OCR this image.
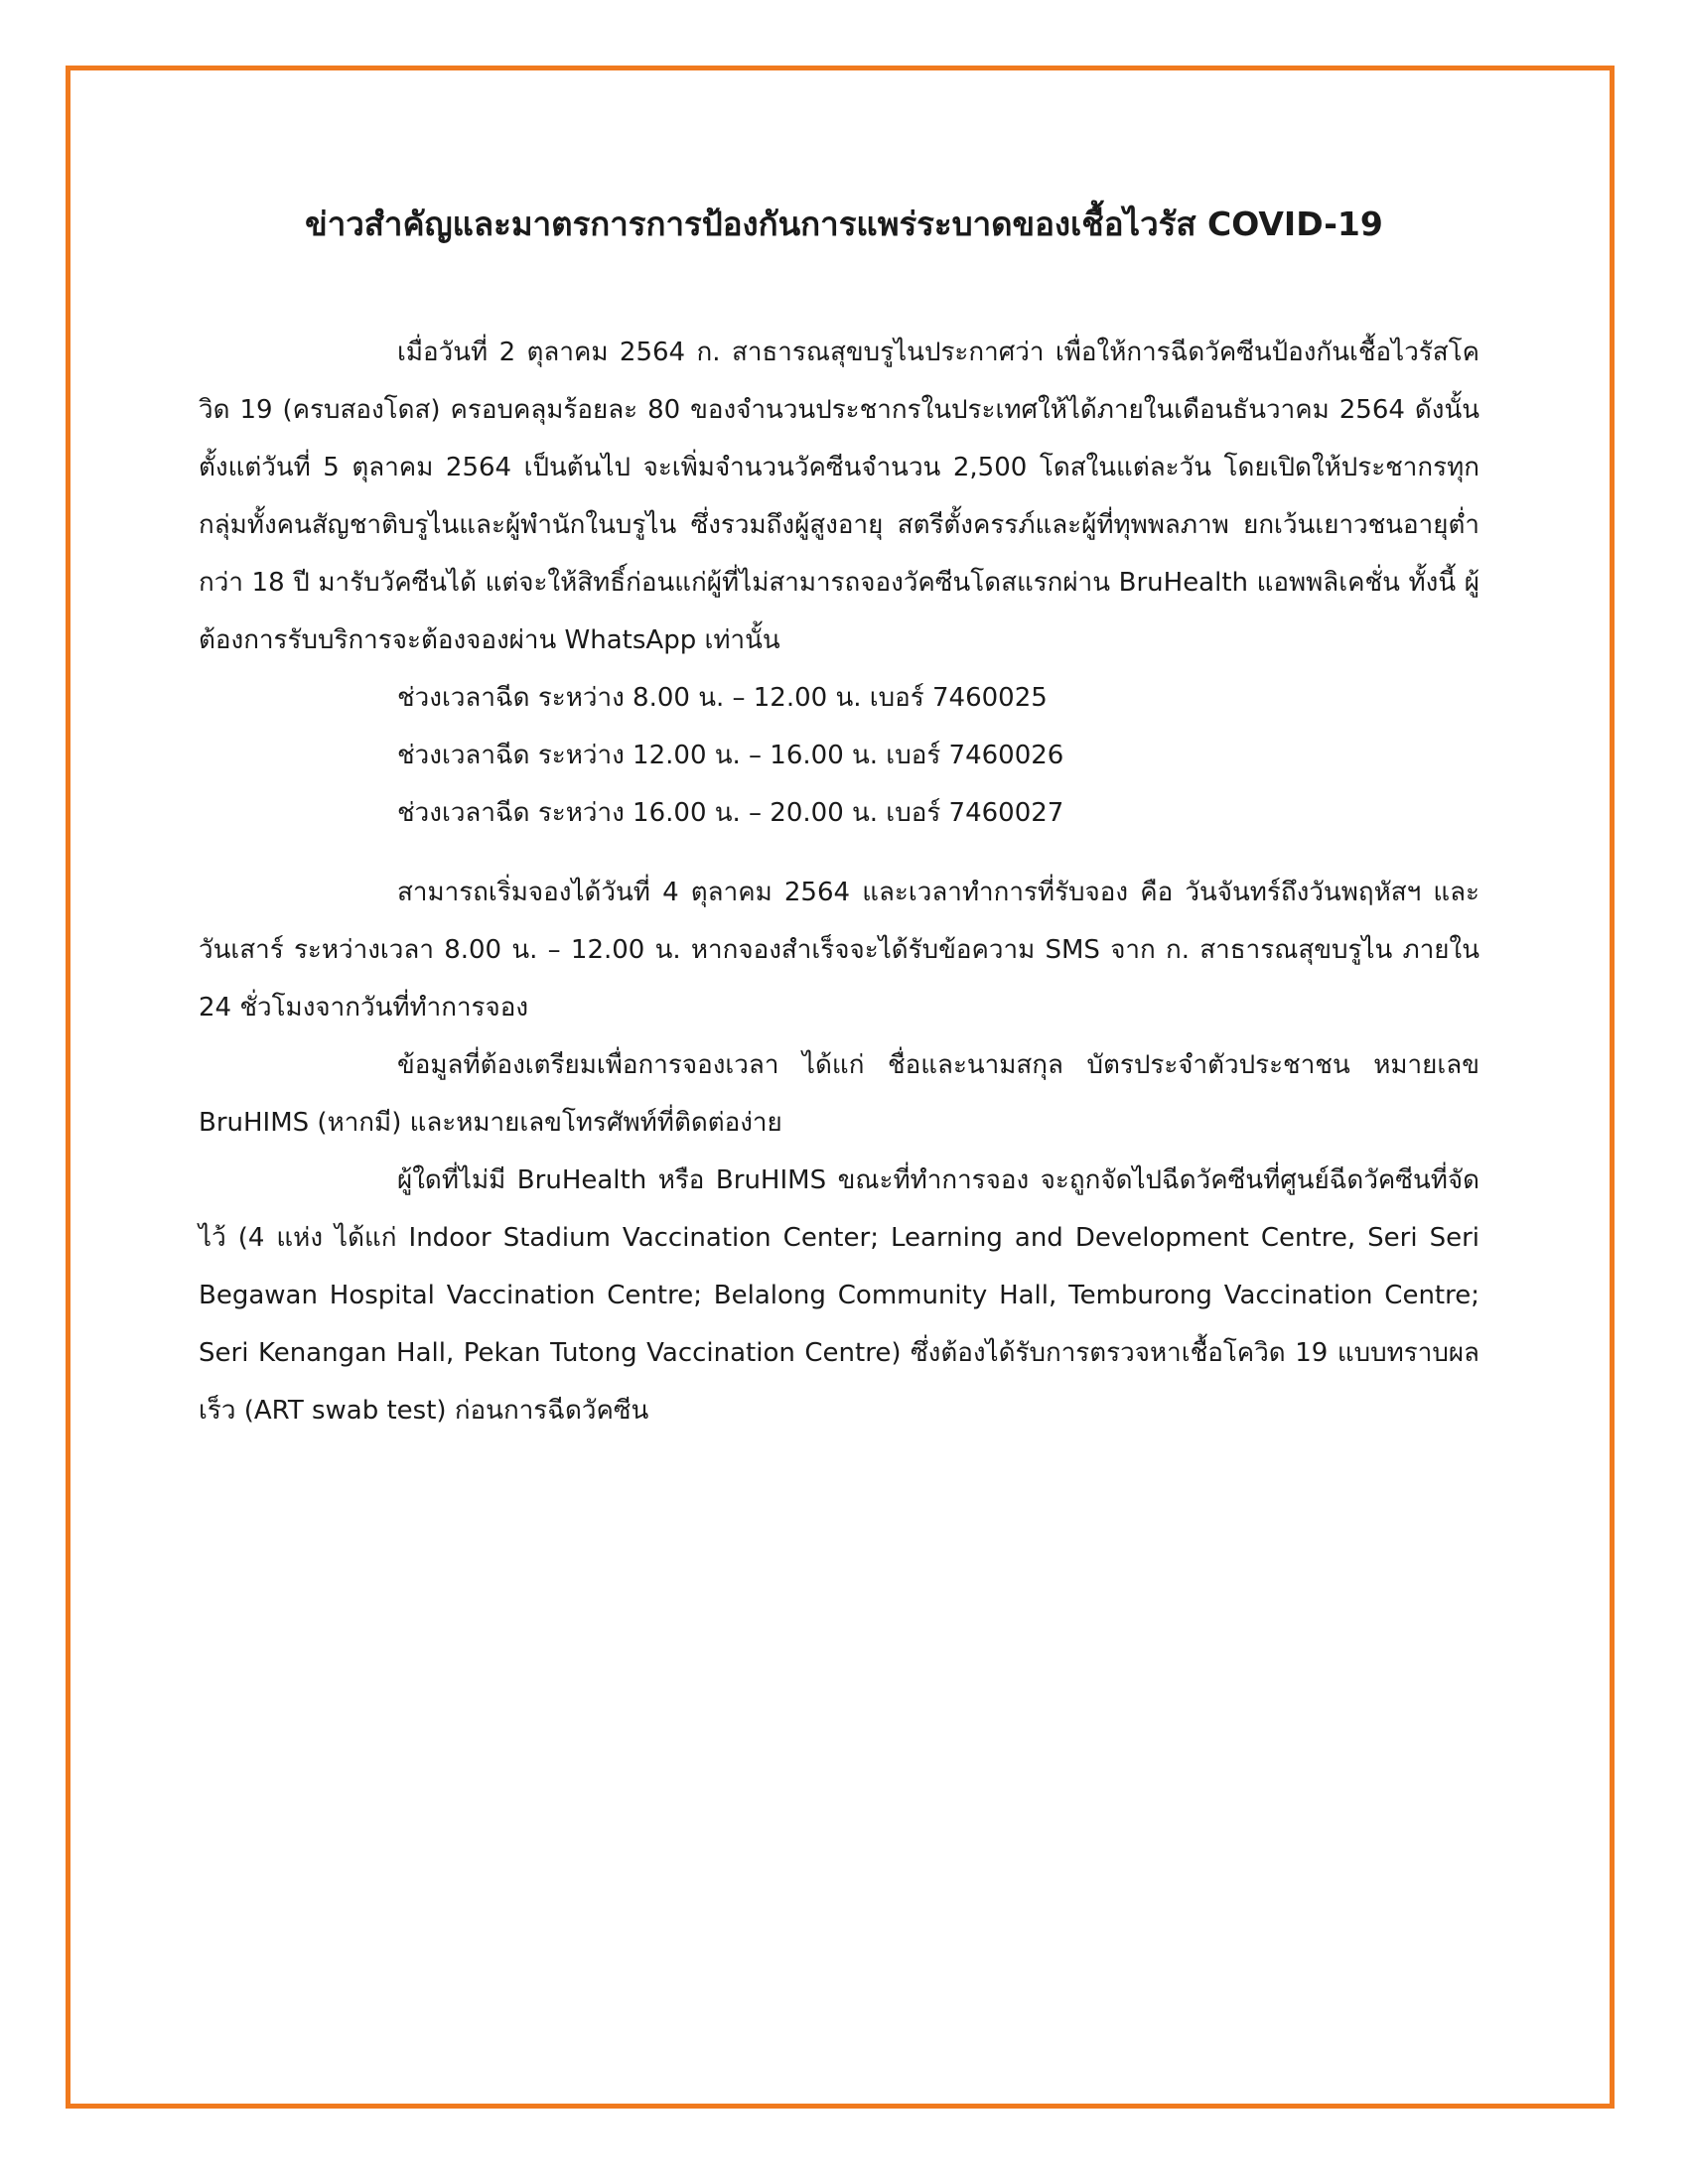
ข่าวสำคัญและมาตรการการป้องกันการแพร่ระบาดของเชื้อไวรัส COVID-19

เมื่อวันที่ 2 ตุลาคม 2564 ก. สาธารณสุขบรูไนประกาศว่า เพื่อให้การฉีดวัคซีนป้องกันเชื้อไวรัสโควิด 19 (ครบสองโดส) ครอบคลุมร้อยละ 80 ของจำนวนประชากรในประเทศให้ได้ภายในเดือนธันวาคม 2564 ดังนั้น ตั้งแต่วันที่ 5 ตุลาคม 2564 เป็นต้นไป จะเพิ่มจำนวนวัคซีนจำนวน 2,500 โดสในแต่ละวัน โดยเปิดให้ประชากรทุกกลุ่มทั้งคนสัญชาติบรูไนและผู้พำนักในบรูไน ซึ่งรวมถึงผู้สูงอายุ สตรีตั้งครรภ์และผู้ที่ทุพพลภาพ ยกเว้นเยาวชนอายุต่ำกว่า 18 ปี มารับวัคซีนได้ แต่จะให้สิทธิ์ก่อนแก่ผู้ที่ไม่สามารถจองวัคซีนโดสแรกผ่าน BruHealth แอพพลิเคชั่น ทั้งนี้ ผู้ต้องการรับบริการจะต้องจองผ่าน WhatsApp เท่านั้น

ช่วงเวลาฉีด ระหว่าง 8.00 น. – 12.00 น. เบอร์ 7460025

ช่วงเวลาฉีด ระหว่าง 12.00 น. – 16.00 น. เบอร์ 7460026

ช่วงเวลาฉีด ระหว่าง 16.00 น. – 20.00 น. เบอร์ 7460027

สามารถเริ่มจองได้วันที่ 4 ตุลาคม 2564 และเวลาทำการที่รับจอง คือ วันจันทร์ถึงวันพฤหัสฯ และวันเสาร์ ระหว่างเวลา 8.00 น. – 12.00 น. หากจองสำเร็จจะได้รับข้อความ SMS จาก ก. สาธารณสุขบรูไน ภายใน 24 ชั่วโมงจากวันที่ทำการจอง

ข้อมูลที่ต้องเตรียมเพื่อการจองเวลา ได้แก่ ชื่อและนามสกุล บัตรประจำตัวประชาชน หมายเลข BruHIMS (หากมี) และหมายเลขโทรศัพท์ที่ติดต่อง่าย

ผู้ใดที่ไม่มี BruHealth หรือ BruHIMS ขณะที่ทำการจอง จะถูกจัดไปฉีดวัคซีนที่ศูนย์ฉีดวัคซีนที่จัดไว้ (4 แห่ง ได้แก่ Indoor Stadium Vaccination Center; Learning and Development Centre, Seri Seri Begawan Hospital Vaccination Centre; Belalong Community Hall, Temburong Vaccination Centre; Seri Kenangan Hall, Pekan Tutong Vaccination Centre) ซึ่งต้องได้รับการตรวจหาเชื้อโควิด 19 แบบทราบผลเร็ว (ART swab test) ก่อนการฉีดวัคซีน
